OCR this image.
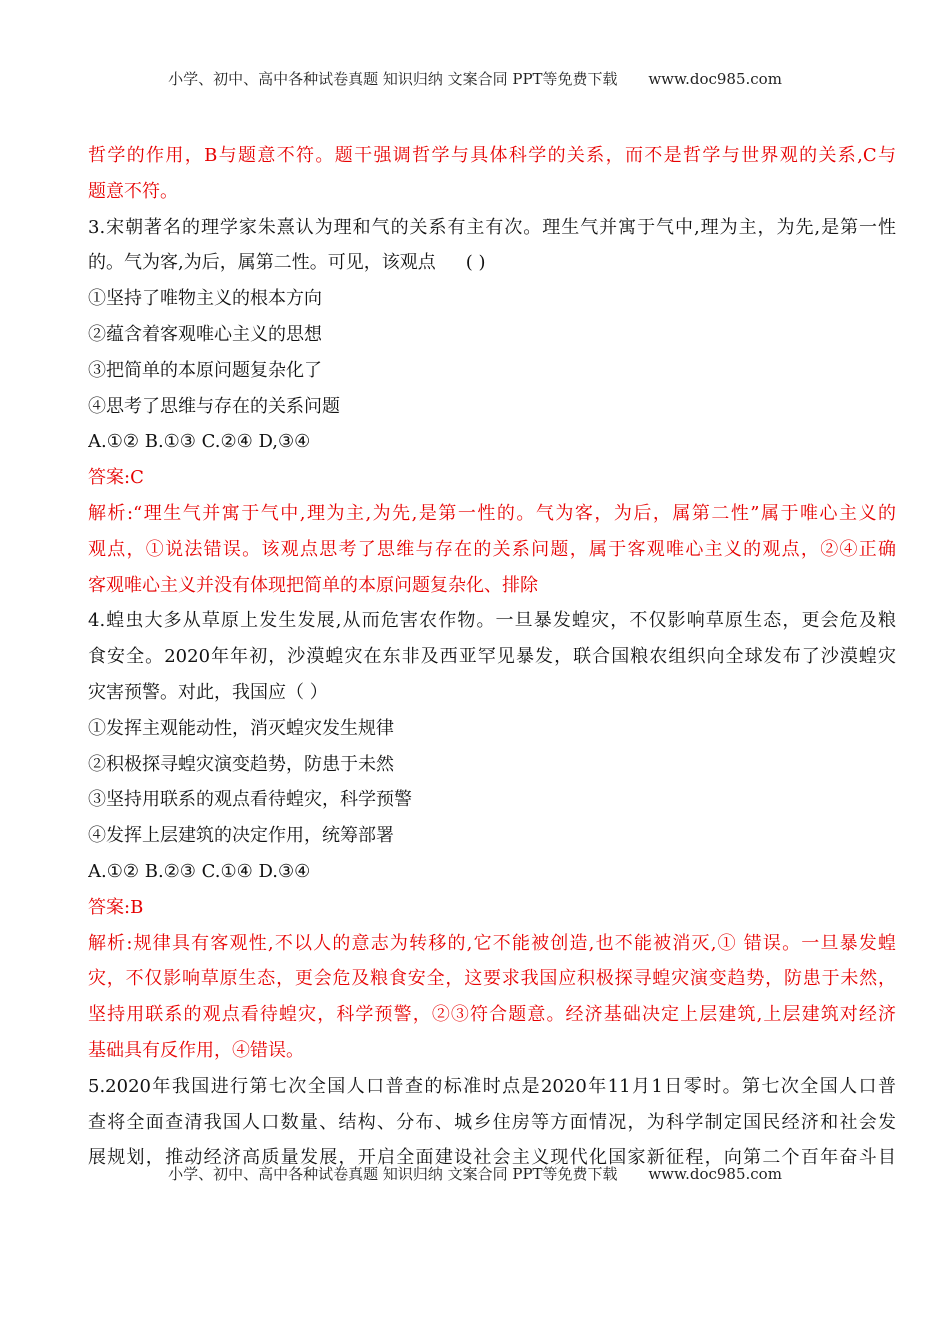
小学、初中、高中各种试卷真题 知识归纳 文案合同 PPT等免费下载 www.doc985.com
哲学的作用，B与题意不符。题干强调哲学与具体科学的关系，而不是哲学与世界观的关系,C与
题意不符。
3.宋朝著名的理学家朱熹认为理和气的关系有主有次。理生气并寓于气中,理为主，为先,是第一性
的。气为客,为后，属第二性。可见，该观点 ( )
①坚持了唯物主义的根本方向
②蕴含着客观唯心主义的思想
③把简单的本原问题复杂化了
④思考了思维与存在的关系问题
A.①② B.①③ C.②④ D,③④
答案:C
解析:“理生气并寓于气中,理为主,为先,是第一性的。气为客，为后，属第二性”属于唯心主义的
观点，①说法错误。该观点思考了思维与存在的关系问题，属于客观唯心主义的观点，②④正确
客观唯心主义并没有体现把简单的本原问题复杂化、排除
4.蝗虫大多从草原上发生发展,从而危害农作物。一旦暴发蝗灾，不仅影响草原生态，更会危及粮
食安全。2020年年初，沙漠蝗灾在东非及西亚罕见暴发，联合国粮农组织向全球发布了沙漠蝗灾
灾害预警。对此，我国应（ ）
①发挥主观能动性，消灭蝗灾发生规律
②积极探寻蝗灾演变趋势，防患于未然
③坚持用联系的观点看待蝗灾，科学预警
④发挥上层建筑的决定作用，统筹部署
A.①② B.②③ C.①④ D.③④
答案:B
解析:规律具有客观性,不以人的意志为转移的,它不能被创造,也不能被消灭,① 错误。一旦暴发蝗
灾，不仅影响草原生态，更会危及粮食安全，这要求我国应积极探寻蝗灾演变趋势，防患于未然，
坚持用联系的观点看待蝗灾，科学预警，②③符合题意。经济基础决定上层建筑,上层建筑对经济
基础具有反作用，④错误。
5.2020年我国进行第七次全国人口普查的标准时点是2020年11月1日零时。第七次全国人口普
查将全面查清我国人口数量、结构、分布、城乡住房等方面情况，为科学制定国民经济和社会发
展规划，推动经济高质量发展，开启全面建设社会主义现代化国家新征程，向第二个百年奋斗目
小学、初中、高中各种试卷真题 知识归纳 文案合同 PPT等免费下载 www.doc985.com
